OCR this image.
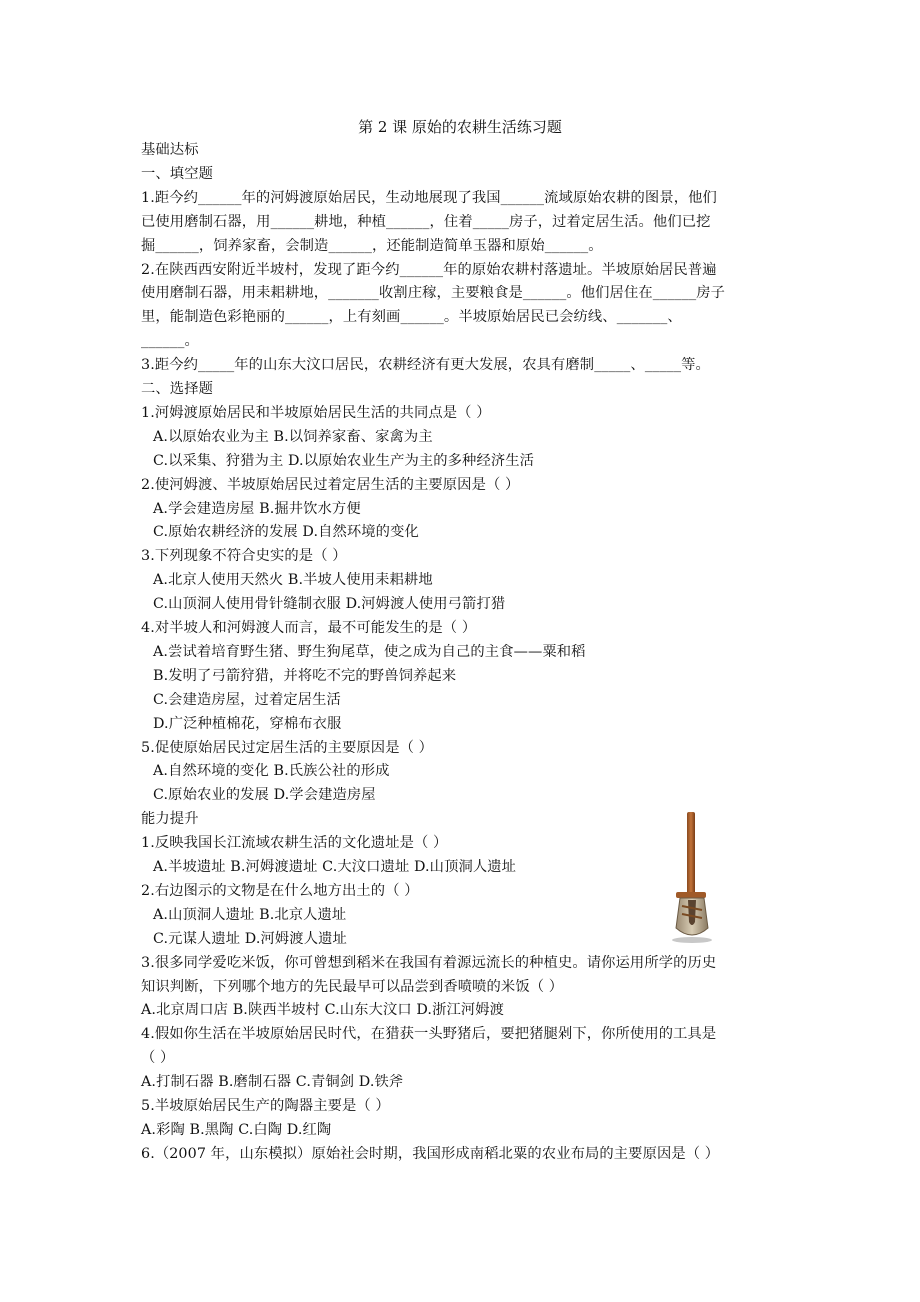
第 2 课 原始的农耕生活练习题
基础达标
一、填空题
1.距今约______年的河姆渡原始居民，生动地展现了我国______流域原始农耕的图景，他们
已使用磨制石器，用______耕地，种植______，住着_____房子，过着定居生活。他们已挖
掘______，饲养家畜，会制造______，还能制造简单玉器和原始______。
2.在陕西西安附近半坡村，发现了距今约______年的原始农耕村落遗址。半坡原始居民普遍
使用磨制石器，用耒耜耕地，_______收割庄稼，主要粮食是______。他们居住在______房子
里，能制造色彩艳丽的______，上有刻画______。半坡原始居民已会纺线、_______、
______。
3.距今约_____年的山东大汶口居民，农耕经济有更大发展，农具有磨制_____、_____等。
二、选择题
1.河姆渡原始居民和半坡原始居民生活的共同点是（ ）
A.以原始农业为主 B.以饲养家畜、家禽为主
C.以采集、狩猎为主 D.以原始农业生产为主的多种经济生活
2.使河姆渡、半坡原始居民过着定居生活的主要原因是（ ）
A.学会建造房屋 B.掘井饮水方便
C.原始农耕经济的发展 D.自然环境的变化
3.下列现象不符合史实的是（ ）
A.北京人使用天然火 B.半坡人使用耒耜耕地
C.山顶洞人使用骨针缝制衣服 D.河姆渡人使用弓箭打猎
4.对半坡人和河姆渡人而言，最不可能发生的是（ ）
A.尝试着培育野生猪、野生狗尾草，使之成为自己的主食——粟和稻
B.发明了弓箭狩猎，并将吃不完的野兽饲养起来
C.会建造房屋，过着定居生活
D.广泛种植棉花，穿棉布衣服
5.促使原始居民过定居生活的主要原因是（ ）
A.自然环境的变化 B.氏族公社的形成
C.原始农业的发展 D.学会建造房屋
能力提升
1.反映我国长江流域农耕生活的文化遗址是（ ）
A.半坡遗址 B.河姆渡遗址 C.大汶口遗址 D.山顶洞人遗址
2.右边图示的文物是在什么地方出土的（ ）
A.山顶洞人遗址 B.北京人遗址
C.元谋人遗址 D.河姆渡人遗址
3.很多同学爱吃米饭，你可曾想到稻米在我国有着源远流长的种植史。请你运用所学的历史
知识判断，下列哪个地方的先民最早可以品尝到香喷喷的米饭（ ）
A.北京周口店 B.陕西半坡村 C.山东大汶口 D.浙江河姆渡
4.假如你生活在半坡原始居民时代，在猎获一头野猪后，要把猪腿剁下，你所使用的工具是
（ ）
A.打制石器 B.磨制石器 C.青铜剑 D.铁斧
5.半坡原始居民生产的陶器主要是（ ）
A.彩陶 B.黑陶 C.白陶 D.红陶
6.（2007 年，山东模拟）原始社会时期，我国形成南稻北粟的农业布局的主要原因是（ ）
